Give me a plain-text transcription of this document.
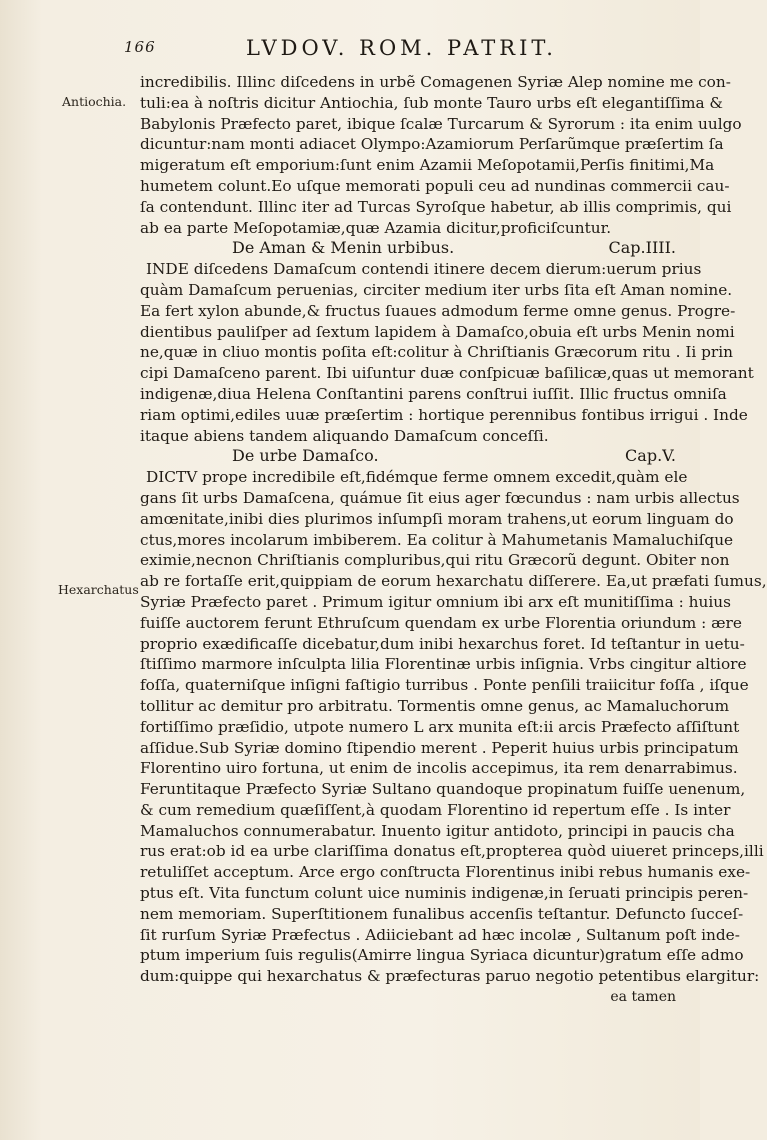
166	LVDOV. ROM. PATRIT.
Antiochia.
Hexarchatus
incredibilis. Illinc diſcedens in urbẽ Comagenen Syriæ Alep nomine me con-
tuli:ea à noſtris dicitur Antiochia, ſub monte Tauro urbs eſt elegantiſſima &
Babylonis Præfecto paret, ibique ſcalæ Turcarum & Syrorum : ita enim uulgo
dicuntur:nam monti adiacet Olympo:Azamiorum Perſarũmque præſertim ſa
migeratum eſt emporium:ſunt enim Azamii Meſopotamii,Perſis finitimi,Ma
humetem colunt.Eo uſque memorati populi ceu ad nundinas commercii cau-
ſa contendunt. Illinc iter ad Turcas Syroſque habetur, ab illis comprimis, qui
ab ea parte Meſopotamiæ,quæ Azamia dicitur,proficiſcuntur.
De Aman & Menin urbibus.	Cap.IIII.
INDE diſcedens Damaſcum contendi itinere decem dierum:uerum prius
quàm Damaſcum peruenias, circiter medium iter urbs ſita eſt Aman nomine.
Ea fert xylon abunde,& fructus ſuaues admodum ferme omne genus. Progre-
dientibus pauliſper ad ſextum lapidem à Damaſco,obuia eſt urbs Menin nomi
ne,quæ in cliuo montis poſita eſt:colitur à Chriſtianis Græcorum ritu . Ii prin
cipi Damaſceno parent. Ibi uiſuntur duæ conſpicuæ baſilicæ,quas ut memorant
indigenæ,diua Helena Conſtantini parens conſtrui iuſſit. Illic fructus omniſa
riam optimi,ediles uuæ præſertim : hortique perennibus fontibus irrigui . Inde
itaque abiens tandem aliquando Damaſcum conceſſi.
De urbe Damaſco.	Cap.V.
DICTV prope incredibile eſt,fidémque ferme omnem excedit,quàm ele
gans ſit urbs Damaſcena, quámue ſit eius ager fœcundus : nam urbis allectus
amœnitate,inibi dies plurimos inſumpſi moram trahens,ut eorum linguam do
ctus,mores incolarum imbiberem. Ea colitur à Mahumetanis Mamaluchiſque
eximie,necnon Chriſtianis compluribus,qui ritu Græcorũ degunt. Obiter non
ab re fortaſſe erit,quippiam de eorum hexarchatu diſſerere. Ea,ut præfati ſumus,
Syriæ Præfecto paret . Primum igitur omnium ibi arx eſt munitiſſima : huius
fuiſſe auctorem ferunt Ethruſcum quendam ex urbe Florentia oriundum : ære
proprio exædificaſſe dicebatur,dum inibi hexarchus foret. Id teſtantur in uetu-
ſtiſſimo marmore inſculpta lilia Florentinæ urbis inſignia. Vrbs cingitur altiore
foſſa, quaterniſque inſigni faſtigio turribus . Ponte penſili traiicitur foſſa , iſque
tollitur ac demitur pro arbitratu. Tormentis omne genus, ac Mamaluchorum
fortiſſimo præſidio, utpote numero L arx munita eſt:ii arcis Præfecto aſſiſtunt
aſſidue.Sub Syriæ domino ſtipendio merent . Peperit huius urbis principatum
Florentino uiro fortuna, ut enim de incolis accepimus, ita rem denarrabimus.
Feruntitaque Præfecto Syriæ Sultano quandoque propinatum fuiſſe uenenum,
& cum remedium quæſiſſent,à quodam Florentino id repertum eſſe . Is inter
Mamaluchos connumerabatur. Inuento igitur antidoto, principi in paucis cha
rus erat:ob id ea urbe clariſſima donatus eſt,propterea quòd uiueret princeps,illi
retuliſſet acceptum. Arce ergo conſtructa Florentinus inibi rebus humanis exe-
ptus eſt. Vita functum colunt uice numinis indigenæ,in ſeruati principis peren-
nem memoriam. Superſtitionem funalibus accenſis teſtantur. Defuncto ſucceſ-
ſit rurſum Syriæ Præfectus . Adiiciebant ad hæc incolæ , Sultanum poſt inde-
ptum imperium ſuis regulis(Amirre lingua Syriaca dicuntur)gratum eſſe admo
dum:quippe qui hexarchatus & præfecturas paruo negotio petentibus elargitur:
ea tamen
